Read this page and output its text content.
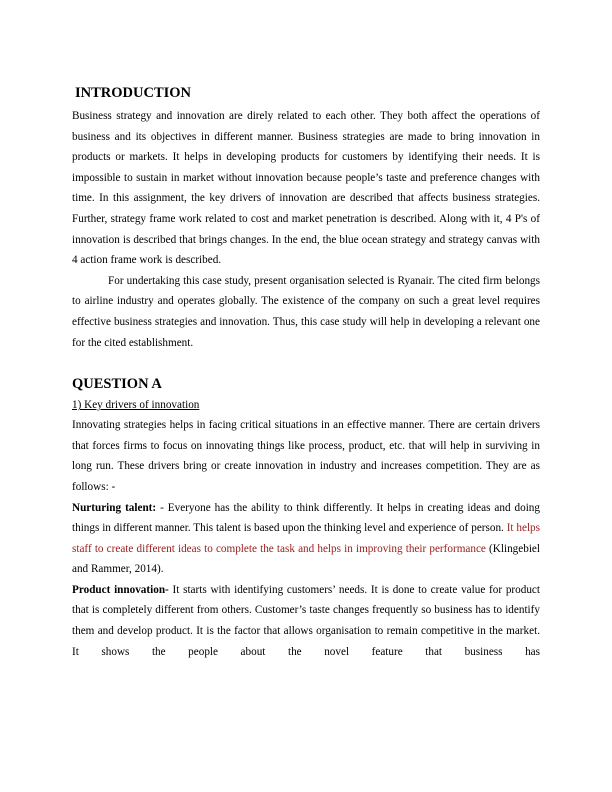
INTRODUCTION

Business strategy and innovation are direly related to each other. They both affect the operations of business and its objectives in different manner. Business strategies are made to bring innovation in products or markets. It helps in developing products for customers by identifying their needs. It is impossible to sustain in market without innovation because people’s taste and preference changes with time. In this assignment, the key drivers of innovation are described that affects business strategies. Further, strategy frame work related to cost and market penetration is described. Along with it, 4 P's of innovation is described that brings changes. In the end, the blue ocean strategy and strategy canvas with 4 action frame work is described.

For undertaking this case study, present organisation selected is Ryanair. The cited firm belongs to airline industry and operates globally. The existence of the company on such a great level requires effective business strategies and innovation. Thus, this case study will help in developing a relevant one for the cited establishment.

QUESTION A
1) Key drivers of innovation

Innovating strategies helps in facing critical situations in an effective manner. There are certain drivers that forces firms to focus on innovating things like process, product, etc. that will help in surviving in long run. These drivers bring or create innovation in industry and increases competition. They are as follows: -

Nurturing talent: - Everyone has the ability to think differently. It helps in creating ideas and doing things in different manner. This talent is based upon the thinking level and experience of person. It helps staff to create different ideas to complete the task and helps in improving their performance (Klingebiel and Rammer, 2014).

Product innovation- It starts with identifying customers’ needs. It is done to create value for product that is completely different from others. Customer’s taste changes frequently so business has to identify them and develop product. It is the factor that allows organisation to remain competitive in the market. It shows the people about the novel feature that business has
